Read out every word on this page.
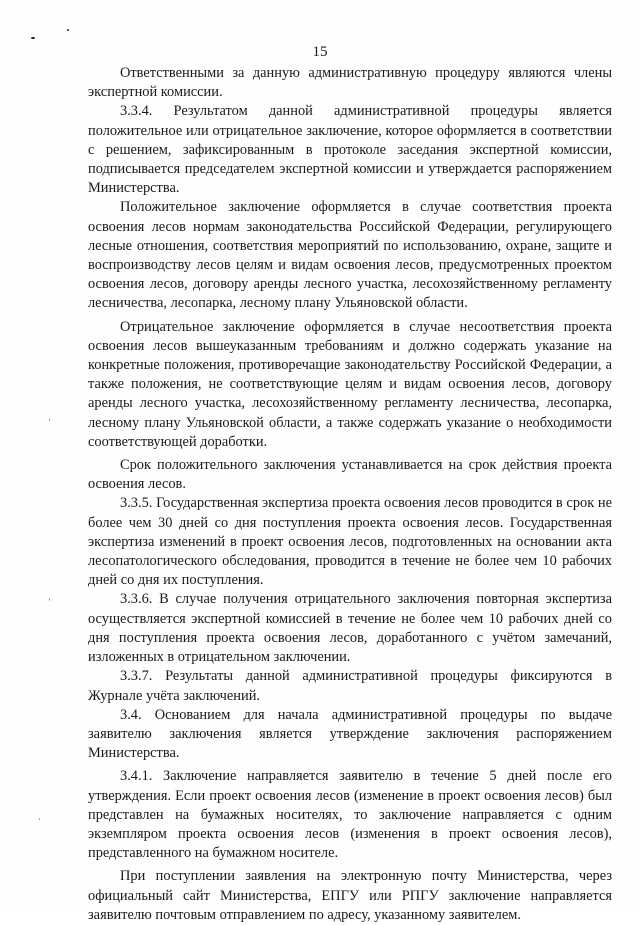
15

Ответственными за данную административную процедуру являются члены экспертной комиссии.

3.3.4. Результатом данной административной процедуры является положительное или отрицательное заключение, которое оформляется в соответствии с решением, зафиксированным в протоколе заседания экспертной комиссии, подписывается председателем экспертной комиссии и утверждается распоряжением Министерства.

Положительное заключение оформляется в случае соответствия проекта освоения лесов нормам законодательства Российской Федерации, регулирующего лесные отношения, соответствия мероприятий по использованию, охране, защите и воспроизводству лесов целям и видам освоения лесов, предусмотренных проектом освоения лесов, договору аренды лесного участка, лесохозяйственному регламенту лесничества, лесопарка, лесному плану Ульяновской области.

Отрицательное заключение оформляется в случае несоответствия проекта освоения лесов вышеуказанным требованиям и должно содержать указание на конкретные положения, противоречащие законодательству Российской Федерации, а также положения, не соответствующие целям и видам освоения лесов, договору аренды лесного участка, лесохозяйственному регламенту лесничества, лесопарка, лесному плану Ульяновской области, а также содержать указание о необходимости соответствующей доработки.

Срок положительного заключения устанавливается на срок действия проекта освоения лесов.

3.3.5. Государственная экспертиза проекта освоения лесов проводится в срок не более чем 30 дней со дня поступления проекта освоения лесов. Государственная экспертиза изменений в проект освоения лесов, подготовленных на основании акта лесопатологического обследования, проводится в течение не более чем 10 рабочих дней со дня их поступления.

3.3.6. В случае получения отрицательного заключения повторная экспертиза осуществляется экспертной комиссией в течение не более чем 10 рабочих дней со дня поступления проекта освоения лесов, доработанного с учётом замечаний, изложенных в отрицательном заключении.

3.3.7. Результаты данной административной процедуры фиксируются в Журнале учёта заключений.

3.4. Основанием для начала административной процедуры по выдаче заявителю заключения является утверждение заключения распоряжением Министерства.

3.4.1. Заключение направляется заявителю в течение 5 дней после его утверждения. Если проект освоения лесов (изменение в проект освоения лесов) был представлен на бумажных носителях, то заключение направляется с одним экземпляром проекта освоения лесов (изменения в проект освоения лесов), представленного на бумажном носителе.

При поступлении заявления на электронную почту Министерства, через официальный сайт Министерства, ЕПГУ или РПГУ заключение направляется заявителю почтовым отправлением по адресу, указанному заявителем.
